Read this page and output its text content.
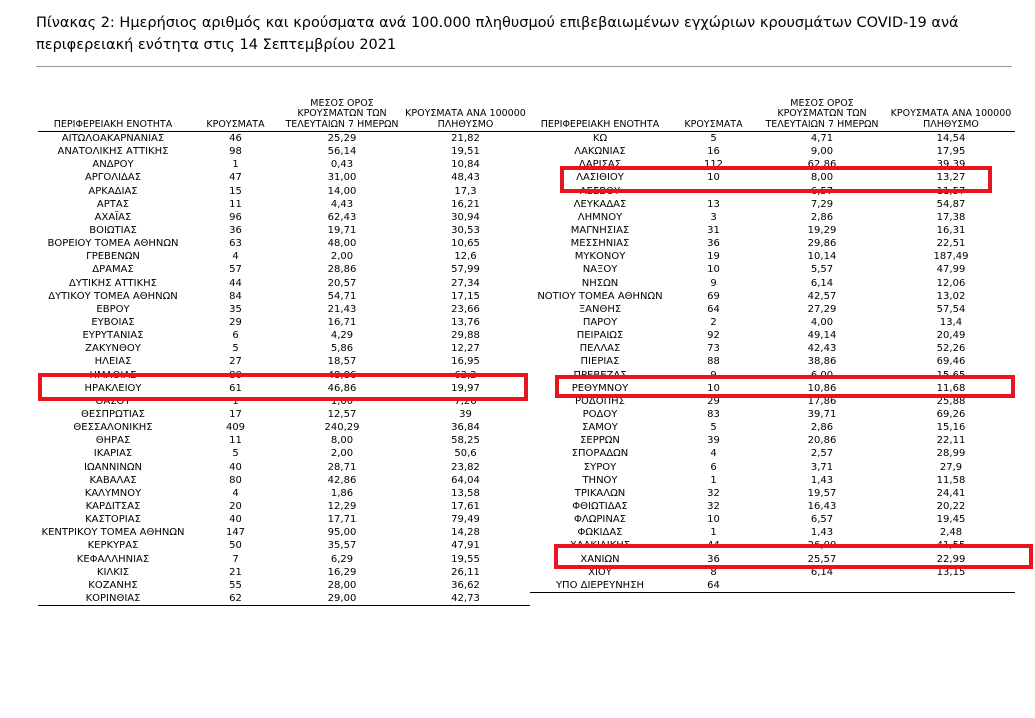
Πίνακας 2: Ημερήσιος αριθμός και κρούσματα ανά 100.000 πληθυσμού επιβεβαιωμένων εγχώριων κρουσμάτων COVID-19 ανά περιφερειακή ενότητα στις 14 Σεπτεμβρίου 2021
ΠΕΡΙΦΕΡΕΙΑΚΗ ΕΝΟΤΗΤΑ	ΚΡΟΥΣΜΑΤΑ	ΜΕΣΟΣ ΟΡΟΣ ΚΡΟΥΣΜΑΤΩΝ ΤΩΝ ΤΕΛΕΥΤΑΙΩΝ 7 ΗΜΕΡΩΝ	ΚΡΟΥΣΜΑΤΑ ΑΝΑ 100000 ΠΛΗΘΥΣΜΟ
ΑΙΤΩΛΟΑΚΑΡΝΑΝΙΑΣ	46	25,29	21,82
ΑΝΑΤΟΛΙΚΗΣ ΑΤΤΙΚΗΣ	98	56,14	19,51
ΑΝΔΡΟΥ	1	0,43	10,84
ΑΡΓΟΛΙΔΑΣ	47	31,00	48,43
ΑΡΚΑΔΙΑΣ	15	14,00	17,3
ΑΡΤΑΣ	11	4,43	16,21
ΑΧΑΪΑΣ	96	62,43	30,94
ΒΟΙΩΤΙΑΣ	36	19,71	30,53
ΒΟΡΕΙΟΥ ΤΟΜΕΑ ΑΘΗΝΩΝ	63	48,00	10,65
ΓΡΕΒΕΝΩΝ	4	2,00	12,6
ΔΡΑΜΑΣ	57	28,86	57,99
ΔΥΤΙΚΗΣ ΑΤΤΙΚΗΣ	44	20,57	27,34
ΔΥΤΙΚΟΥ ΤΟΜΕΑ ΑΘΗΝΩΝ	84	54,71	17,15
ΕΒΡΟΥ	35	21,43	23,66
ΕΥΒΟΙΑΣ	29	16,71	13,76
ΕΥΡΥΤΑΝΙΑΣ	6	4,29	29,88
ΖΑΚΥΝΘΟΥ	5	5,86	12,27
ΗΛΕΙΑΣ	27	18,57	16,95
ΗΜΑΘΙΑΣ	80	48,86	62,2
ΗΡΑΚΛΕΙΟΥ	61	46,86	19,97
ΘΑΣΟΥ	1	1,00	7,26
ΘΕΣΠΡΩΤΙΑΣ	17	12,57	39
ΘΕΣΣΑΛΟΝΙΚΗΣ	409	240,29	36,84
ΘΗΡΑΣ	11	8,00	58,25
ΙΚΑΡΙΑΣ	5	2,00	50,6
ΙΩΑΝΝΙΝΩΝ	40	28,71	23,82
ΚΑΒΑΛΑΣ	80	42,86	64,04
ΚΑΛΥΜΝΟΥ	4	1,86	13,58
ΚΑΡΔΙΤΣΑΣ	20	12,29	17,61
ΚΑΣΤΟΡΙΑΣ	40	17,71	79,49
ΚΕΝΤΡΙΚΟΥ ΤΟΜΕΑ ΑΘΗΝΩΝ	147	95,00	14,28
ΚΕΡΚΥΡΑΣ	50	35,57	47,91
ΚΕΦΑΛΛΗΝΙΑΣ	7	6,29	19,55
ΚΙΛΚΙΣ	21	16,29	26,11
ΚΟΖΑΝΗΣ	55	28,00	36,62
ΚΟΡΙΝΘΙΑΣ	62	29,00	42,73
ΠΕΡΙΦΕΡΕΙΑΚΗ ΕΝΟΤΗΤΑ	ΚΡΟΥΣΜΑΤΑ	ΜΕΣΟΣ ΟΡΟΣ ΚΡΟΥΣΜΑΤΩΝ ΤΩΝ ΤΕΛΕΥΤΑΙΩΝ 7 ΗΜΕΡΩΝ	ΚΡΟΥΣΜΑΤΑ ΑΝΑ 100000 ΠΛΗΘΥΣΜΟ
ΚΩ	5	4,71	14,54
ΛΑΚΩΝΙΑΣ	16	9,00	17,95
ΛΑΡΙΣΑΣ	112	62,86	39,39
ΛΑΣΙΘΙΟΥ	10	8,00	13,27
ΛΕΣΒΟΥ		6,57	11,57
ΛΕΥΚΑΔΑΣ	13	7,29	54,87
ΛΗΜΝΟΥ	3	2,86	17,38
ΜΑΓΝΗΣΙΑΣ	31	19,29	16,31
ΜΕΣΣΗΝΙΑΣ	36	29,86	22,51
ΜΥΚΟΝΟΥ	19	10,14	187,49
ΝΑΞΟΥ	10	5,57	47,99
ΝΗΣΩΝ	9	6,14	12,06
ΝΟΤΙΟΥ ΤΟΜΕΑ ΑΘΗΝΩΝ	69	42,57	13,02
ΞΑΝΘΗΣ	64	27,29	57,54
ΠΑΡΟΥ	2	4,00	13,4
ΠΕΙΡΑΙΩΣ	92	49,14	20,49
ΠΕΛΛΑΣ	73	42,43	52,26
ΠΙΕΡΙΑΣ	88	38,86	69,46
ΠΡΕΒΕΖΑΣ	9	6,00	15,65
ΡΕΘΥΜΝΟΥ	10	10,86	11,68
ΡΟΔΟΠΗΣ	29	17,86	25,88
ΡΟΔΟΥ	83	39,71	69,26
ΣΑΜΟΥ	5	2,86	15,16
ΣΕΡΡΩΝ	39	20,86	22,11
ΣΠΟΡΑΔΩΝ	4	2,57	28,99
ΣΥΡΟΥ	6	3,71	27,9
ΤΗΝΟΥ	1	1,43	11,58
ΤΡΙΚΑΛΩΝ	32	19,57	24,41
ΦΘΙΩΤΙΔΑΣ	32	16,43	20,22
ΦΛΩΡΙΝΑΣ	10	6,57	19,45
ΦΩΚΙΔΑΣ	1	1,43	2,48
ΧΑΛΚΙΔΙΚΗΣ	44	26,00	41,55
ΧΑΝΙΩΝ	36	25,57	22,99
ΧΙΟΥ	8	6,14	13,15
ΥΠΟ ΔΙΕΡΕΥΝΗΣΗ	64		
